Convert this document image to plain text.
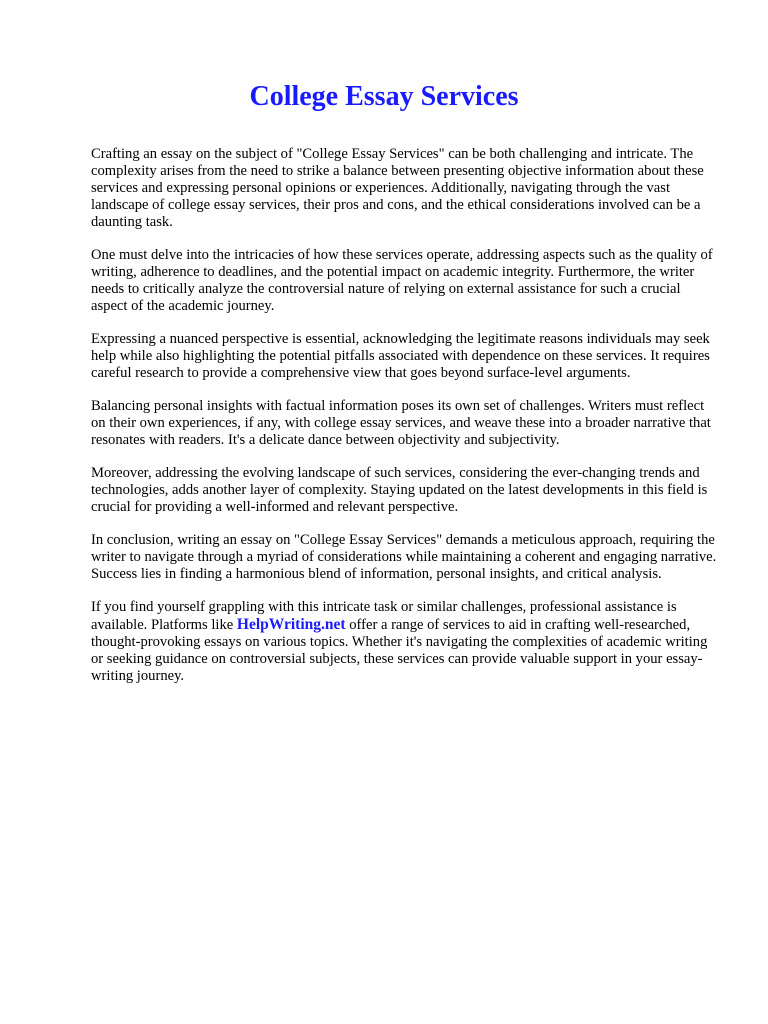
College Essay Services

Crafting an essay on the subject of "College Essay Services" can be both challenging and intricate. The complexity arises from the need to strike a balance between presenting objective information about these services and expressing personal opinions or experiences. Additionally, navigating through the vast landscape of college essay services, their pros and cons, and the ethical considerations involved can be a daunting task.

One must delve into the intricacies of how these services operate, addressing aspects such as the quality of writing, adherence to deadlines, and the potential impact on academic integrity. Furthermore, the writer needs to critically analyze the controversial nature of relying on external assistance for such a crucial aspect of the academic journey.

Expressing a nuanced perspective is essential, acknowledging the legitimate reasons individuals may seek help while also highlighting the potential pitfalls associated with dependence on these services. It requires careful research to provide a comprehensive view that goes beyond surface-level arguments.

Balancing personal insights with factual information poses its own set of challenges. Writers must reflect on their own experiences, if any, with college essay services, and weave these into a broader narrative that resonates with readers. It's a delicate dance between objectivity and subjectivity.

Moreover, addressing the evolving landscape of such services, considering the ever-changing trends and technologies, adds another layer of complexity. Staying updated on the latest developments in this field is crucial for providing a well-informed and relevant perspective.

In conclusion, writing an essay on "College Essay Services" demands a meticulous approach, requiring the writer to navigate through a myriad of considerations while maintaining a coherent and engaging narrative. Success lies in finding a harmonious blend of information, personal insights, and critical analysis.

If you find yourself grappling with this intricate task or similar challenges, professional assistance is available. Platforms like HelpWriting.net offer a range of services to aid in crafting well-researched, thought-provoking essays on various topics. Whether it's navigating the complexities of academic writing or seeking guidance on controversial subjects, these services can provide valuable support in your essay-writing journey.
